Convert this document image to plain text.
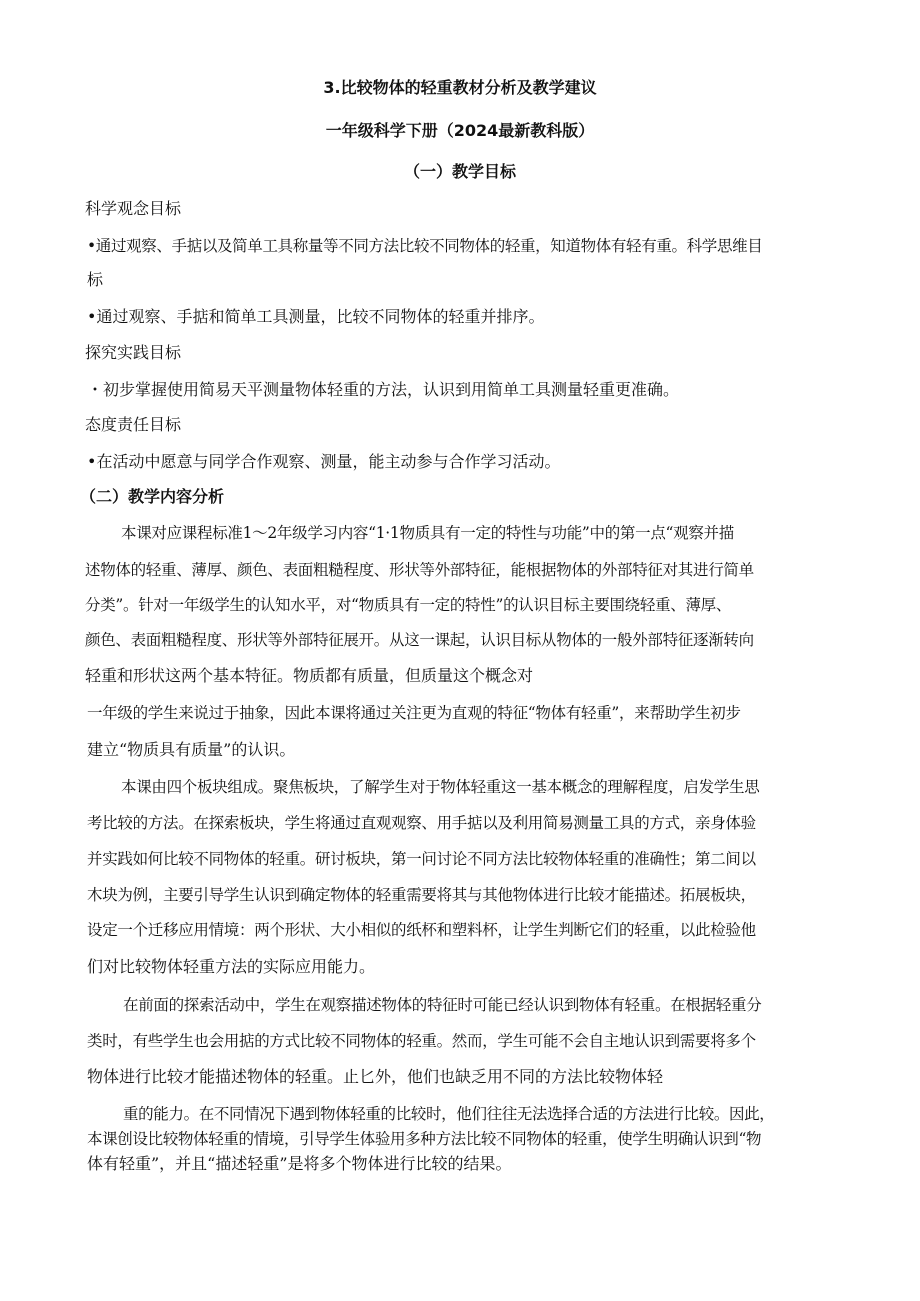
3.比较物体的轻重教材分析及教学建议
一年级科学下册（2024最新教科版）
（一）教学目标
科学观念目标
•通过观察、手掂以及简单工具称量等不同方法比较不同物体的轻重，知道物体有轻有重。科学思维目
标
•通过观察、手掂和简单工具测量，比较不同物体的轻重并排序。
探究实践目标
・初步掌握使用简易天平测量物体轻重的方法，认识到用简单工具测量轻重更准确。
态度责任目标
•在活动中愿意与同学合作观察、测量，能主动参与合作学习活动。
（二）教学内容分析
本课对应课程标准1〜2年级学习内容“1·1物质具有一定的特性与功能”中的第一点“观察并描
述物体的轻重、薄厚、颜色、表面粗糙程度、形状等外部特征，能根据物体的外部特征对其进行简单
分类”。针对一年级学生的认知水平，对“物质具有一定的特性”的认识目标主要围绕轻重、薄厚、
颜色、表面粗糙程度、形状等外部特征展开。从这一课起，认识目标从物体的一般外部特征逐渐转向
轻重和形状这两个基本特征。物质都有质量，但质量这个概念对
一年级的学生来说过于抽象，因此本课将通过关注更为直观的特征“物体有轻重”，来帮助学生初步
建立“物质具有质量”的认识。
本课由四个板块组成。聚焦板块，了解学生对于物体轻重这一基本概念的理解程度，启发学生思
考比较的方法。在探索板块，学生将通过直观观察、用手掂以及利用简易测量工具的方式，亲身体验
并实践如何比较不同物体的轻重。研讨板块，第一问讨论不同方法比较物体轻重的准确性；第二间以
木块为例，主要引导学生认识到确定物体的轻重需要将其与其他物体进行比较才能描述。拓展板块，
设定一个迁移应用情境：两个形状、大小相似的纸杯和塑料杯，让学生判断它们的轻重，以此检验他
们对比较物体轻重方法的实际应用能力。
在前面的探索活动中，学生在观察描述物体的特征时可能已经认识到物体有轻重。在根据轻重分
类时，有些学生也会用掂的方式比较不同物体的轻重。然而，学生可能不会自主地认识到需要将多个
物体进行比较才能描述物体的轻重。止匕外，他们也缺乏用不同的方法比较物体轻
重的能力。在不同情况下遇到物体轻重的比较时，他们往往无法选择合适的方法进行比较。因此，
本课创设比较物体轻重的情境，引导学生体验用多种方法比较不同物体的轻重，使学生明确认识到“物
体有轻重”，并且“描述轻重”是将多个物体进行比较的结果。
